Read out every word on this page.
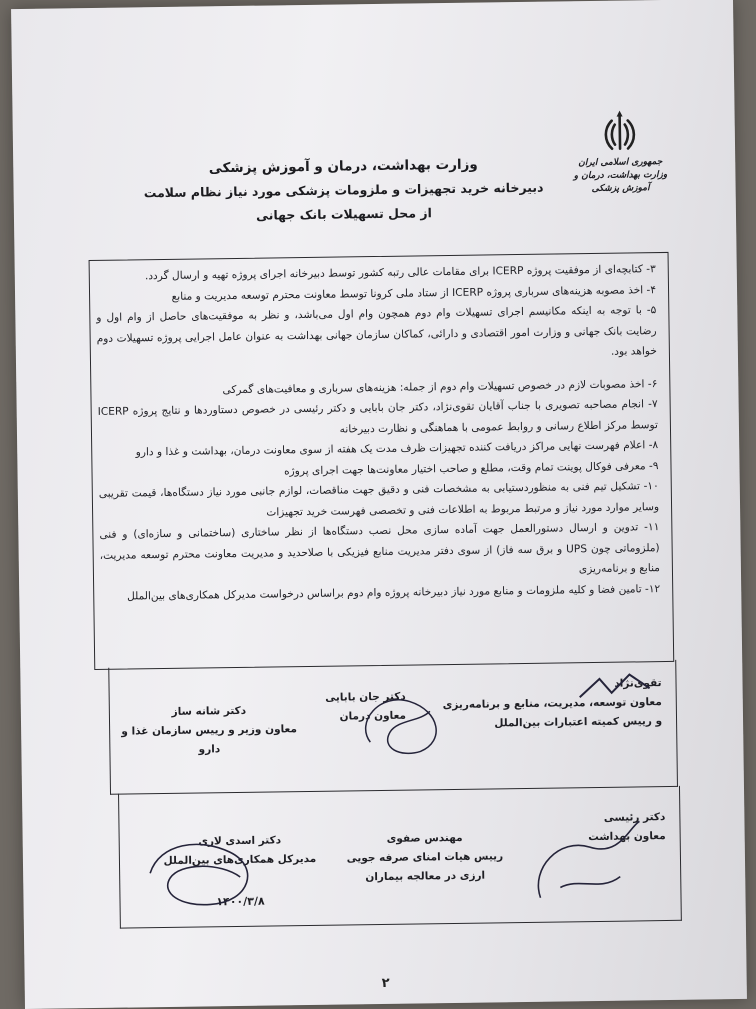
جمهوری اسلامی ایران
وزارت بهداشت، درمان و آموزش پزشکی
وزارت بهداشت، درمان و آموزش پزشکی
دبیرخانه خرید تجهیزات و ملزومات پزشکی مورد نیاز نظام سلامت
از محل تسهیلات بانک جهانی

۳- کتابچه‌ای از موفقیت پروژه ICERP برای مقامات عالی رتبه کشور توسط دبیرخانه اجرای پروژه تهیه و ارسال گردد.

۴- اخذ مصوبه هزینه‌های سرباری پروژه ICERP از ستاد ملی کرونا توسط معاونت محترم توسعه مدیریت و منابع

۵- با توجه به اینکه مکانیسم اجرای تسهیلات وام دوم همچون وام اول می‌باشد، و نظر به موفقیت‌های حاصل از وام اول و رضایت بانک جهانی و وزارت امور اقتصادی و دارائی، کماکان سازمان جهانی بهداشت به عنوان عامل اجرایی پروژه تسهیلات دوم خواهد بود.

۶- اخذ مصوبات لازم در خصوص تسهیلات وام دوم از جمله: هزینه‌های سرباری و معافیت‌های گمرکی

۷- انجام مصاحبه تصویری با جناب آقایان تقوی‌نژاد، دکتر جان بابایی و دکتر رئیسی در خصوص دستاوردها و نتایج پروژه ICERP توسط مرکز اطلاع رسانی و روابط عمومی با هماهنگی و نظارت دبیرخانه

۸- اعلام فهرست نهایی مراکز دریافت کننده تجهیزات ظرف مدت یک هفته از سوی معاونت درمان، بهداشت و غذا و دارو

۹- معرفی فوکال پوینت تمام وقت، مطلع و صاحب اختیار معاونت‌ها جهت اجرای پروژه

۱۰- تشکیل تیم فنی به منظوردستیابی به مشخصات فنی و دقیق جهت مناقصات، لوازم جانبی مورد نیاز دستگاه‌ها، قیمت تقریبی وسایر موارد مورد نیاز و مرتبط مربوط به اطلاعات فنی و تخصصی فهرست خرید تجهیزات

۱۱- تدوین و ارسال دستورالعمل جهت آماده سازی محل نصب دستگاه‌ها از نظر ساختاری (ساختمانی و سازه‌ای) و فنی (ملزوماتی چون UPS و برق سه فاز) از سوی دفتر مدیریت منابع فیزیکی با صلاحدید و مدیریت معاونت محترم توسعه مدیریت، منابع و برنامه‌ریزی

۱۲- تامین فضا و کلیه ملزومات و منابع مورد نیاز دبیرخانه پروژه وام دوم براساس درخواست مدیرکل همکاری‌های بین‌الملل

تقوی‌نژاد
معاون توسعه، مدیریت، منابع و برنامه‌ریزی
و رییس کمیته اعتبارات بین‌الملل
دکتر جان بابایی
معاون درمان
دکتر شانه ساز
معاون وزیر و رییس سازمان غذا و دارو
دکتر رئیسی
معاون بهداشت
مهندس صفوی
رییس هیات امنای صرفه جویی
ارزی در معالجه بیماران
دکتر اسدی لاری
مدیرکل همکاری‌های بین‌الملل
۱۴۰۰/۳/۸
۲
